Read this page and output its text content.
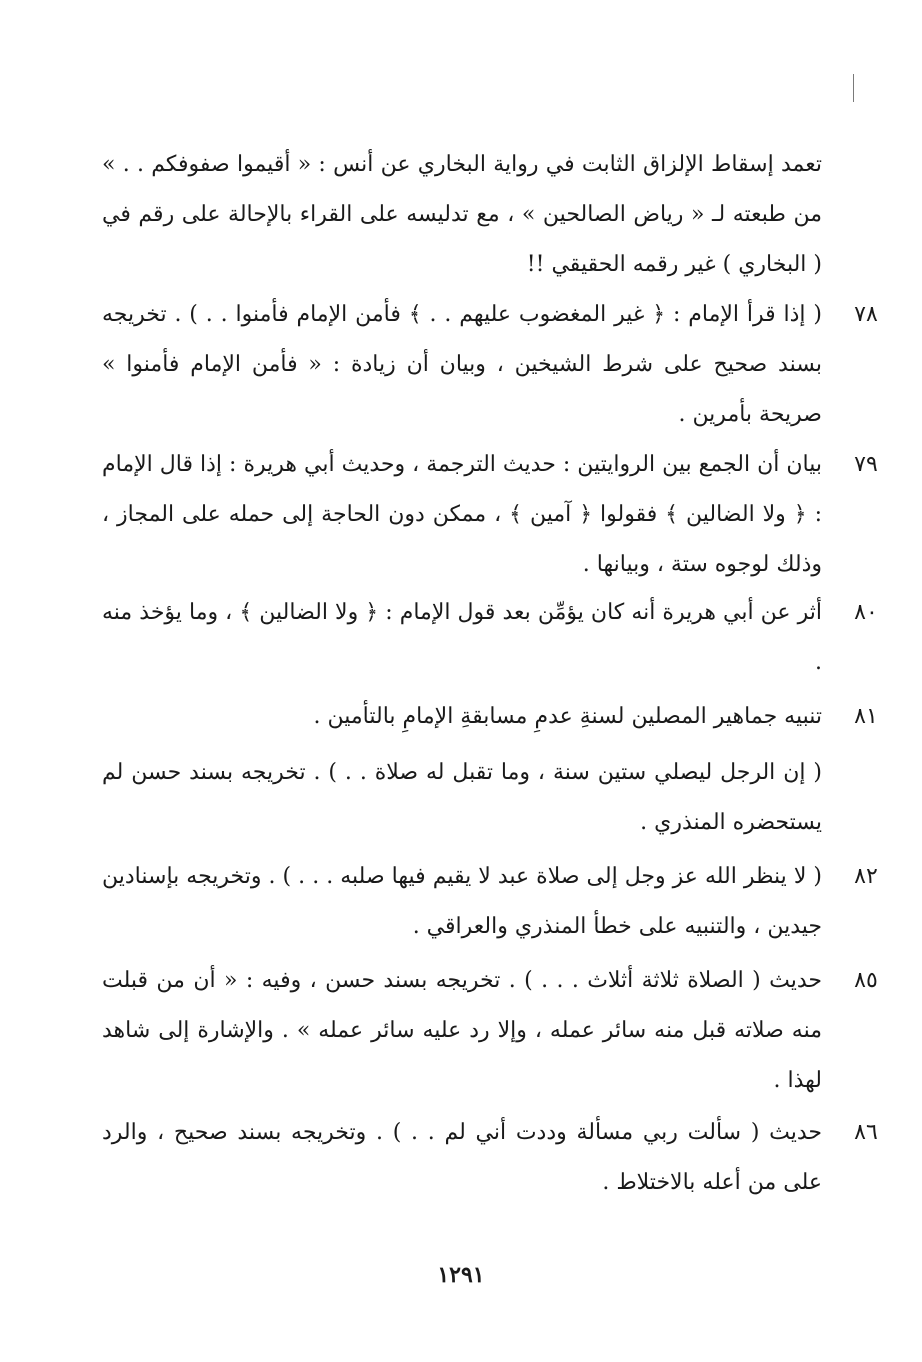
تعمد إسقاط الإلزاق الثابت في رواية البخاري عن أنس : « أقيموا صفوفكم . . » من طبعته لـ « رياض الصالحين » ، مع تدليسه على القراء بالإحالة على رقم في ( البخاري ) غير رقمه الحقيقي !!
٧٨
( إذا قرأ الإمام : ﴿ غير المغضوب عليهم . . ﴾ فأمن الإمام فأمنوا . . ) . تخريجه بسند صحيح على شرط الشيخين ، وبيان أن زيادة : « فأمن الإمام فأمنوا » صريحة بأمرين .
٧٩
بيان أن الجمع بين الروايتين : حديث الترجمة ، وحديث أبي هريرة : إذا قال الإمام : ﴿ ولا الضالين ﴾ فقولوا ﴿ آمين ﴾ ، ممكن دون الحاجة إلى حمله على المجاز ، وذلك لوجوه ستة ، وبيانها .
٨٠
أثر عن أبي هريرة أنه كان يؤمِّن بعد قول الإمام : ﴿ ولا الضالين ﴾ ، وما يؤخذ منه .
٨١
تنبيه جماهير المصلين لسنةِ عدمِ مسابقةِ الإمامِ بالتأمين .
( إن الرجل ليصلي ستين سنة ، وما تقبل له صلاة . . ) . تخريجه بسند حسن لم يستحضره المنذري .
٨٢
( لا ينظر الله عز وجل إلى صلاة عبد لا يقيم فيها صلبه . . . ) . وتخريجه بإسنادين جيدين ، والتنبيه على خطأ المنذري والعراقي .
٨٥
حديث ( الصلاة ثلاثة أثلاث . . . ) . تخريجه بسند حسن ، وفيه : « أن من قبلت منه صلاته قبل منه سائر عمله ، وإلا رد عليه سائر عمله » . والإشارة إلى شاهد لهذا .
٨٦
حديث ( سألت ربي مسألة وددت أني لم . . ) . وتخريجه بسند صحيح ، والرد على من أعله بالاختلاط .
١٢٩١
